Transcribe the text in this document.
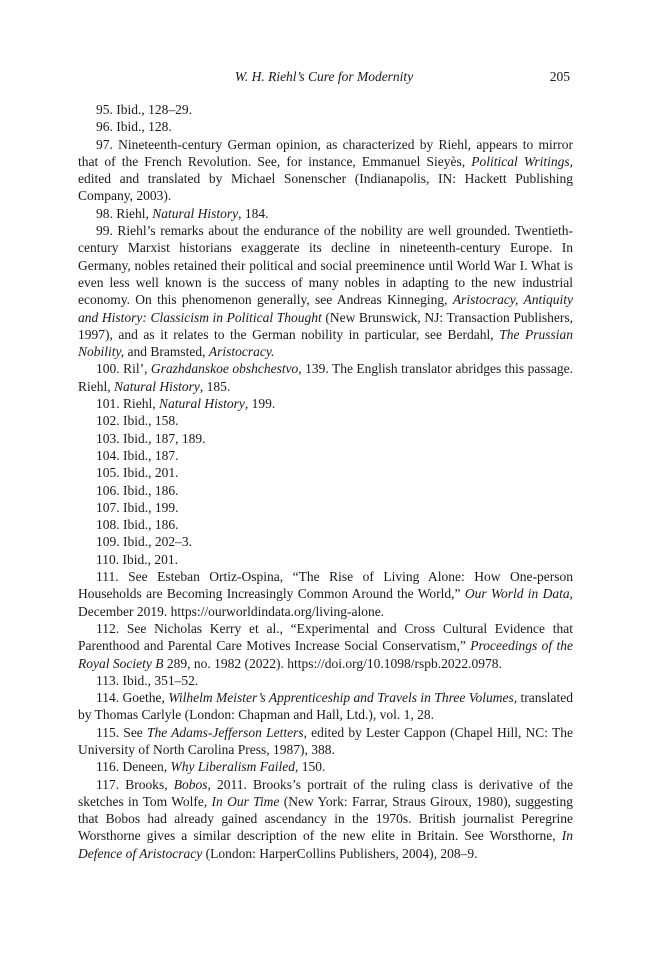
W. H. Riehl’s Cure for Modernity	205

95. Ibid., 128–29.

96. Ibid., 128.

97. Nineteenth-century German opinion, as characterized by Riehl, appears to mirror that of the French Revolution. See, for instance, Emmanuel Sieyès, Political Writings, edited and translated by Michael Sonenscher (Indianapolis, IN: Hackett Publishing Company, 2003).

98. Riehl, Natural History, 184.

99. Riehl’s remarks about the endurance of the nobility are well grounded. Twentieth-century Marxist historians exaggerate its decline in nineteenth-century Europe. In Germany, nobles retained their political and social preeminence until World War I. What is even less well known is the success of many nobles in adapting to the new industrial economy. On this phenomenon generally, see Andreas Kinneging, Aristocracy, Antiquity and History: Classicism in Political Thought (New Brunswick, NJ: Transaction Publishers, 1997), and as it relates to the German nobility in particular, see Berdahl, The Prussian Nobility, and Bramsted, Aristocracy.

100. Ril’, Grazhdanskoe obshchestvo, 139. The English translator abridges this passage. Riehl, Natural History, 185.

101. Riehl, Natural History, 199.

102. Ibid., 158.

103. Ibid., 187, 189.

104. Ibid., 187.

105. Ibid., 201.

106. Ibid., 186.

107. Ibid., 199.

108. Ibid., 186.

109. Ibid., 202–3.

110. Ibid., 201.

111. See Esteban Ortiz-Ospina, “The Rise of Living Alone: How One-person Households are Becoming Increasingly Common Around the World,” Our World in Data, December 2019. https://ourworldindata.org/living-alone.

112. See Nicholas Kerry et al., “Experimental and Cross Cultural Evidence that Parenthood and Parental Care Motives Increase Social Conservatism,” Proceedings of the Royal Society B 289, no. 1982 (2022). https://doi.org/10.1098/rspb.2022.0978.

113. Ibid., 351–52.

114. Goethe, Wilhelm Meister’s Apprenticeship and Travels in Three Volumes, translated by Thomas Carlyle (London: Chapman and Hall, Ltd.), vol. 1, 28.

115. See The Adams-Jefferson Letters, edited by Lester Cappon (Chapel Hill, NC: The University of North Carolina Press, 1987), 388.

116. Deneen, Why Liberalism Failed, 150.

117. Brooks, Bobos, 2011. Brooks’s portrait of the ruling class is derivative of the sketches in Tom Wolfe, In Our Time (New York: Farrar, Straus Giroux, 1980), suggesting that Bobos had already gained ascendancy in the 1970s. British journalist Peregrine Worsthorne gives a similar description of the new elite in Britain. See Worsthorne, In Defence of Aristocracy (London: HarperCollins Publishers, 2004), 208–9.
